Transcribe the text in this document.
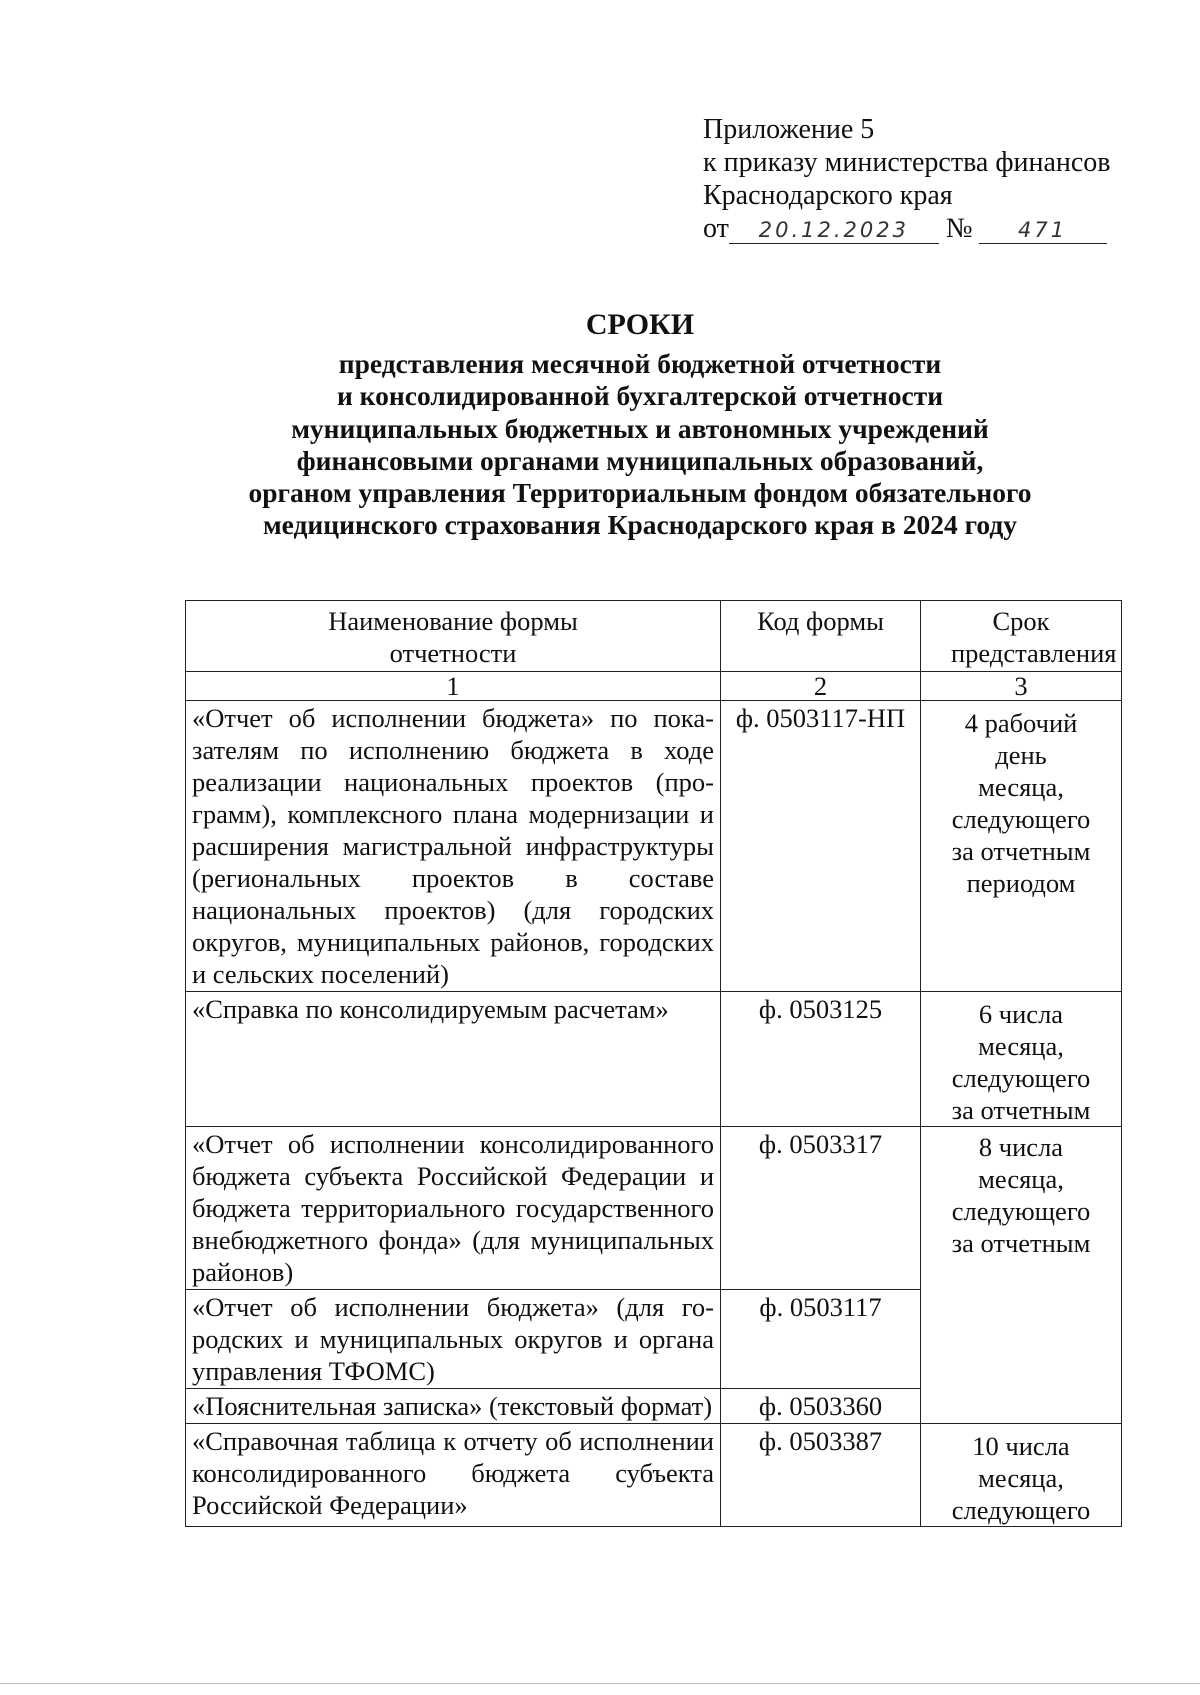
Приложение 5
к приказу министерства финансов
Краснодарского края
от 20.12.2023 № 471
СРОКИ
представления месячной бюджетной отчетности
и консолидированной бухгалтерской отчетности
муниципальных бюджетных и автономных учреждений
финансовыми органами муниципальных образований,
органом управления Территориальным фондом обязательного
медицинского страхования Краснодарского края в 2024 году
Наименование формы отчетности	Код формы	Срок представления
1	2	3
«Отчет об исполнении бюджета» по показателям по исполнению бюджета в ходе реализации национальных проектов (программ), комплексного плана модернизации и расширения магистральной инфраструктуры (региональных проектов в составе национальных проектов) (для городских округов, муниципальных районов, городских и сельских поселений)	ф. 0503117-НП	4 рабочий день месяца, следующего за отчетным периодом
«Справка по консолидируемым расчетам»	ф. 0503125	6 числа месяца, следующего за отчетным
«Отчет об исполнении консолидированного бюджета субъекта Российской Федерации и бюджета территориального государственного внебюджетного фонда» (для муниципальных районов)	ф. 0503317	8 числа месяца, следующего за отчетным
«Отчет об исполнении бюджета» (для городских и муниципальных округов и органа управления ТФОМС)	ф. 0503117	
«Пояснительная записка» (текстовый формат)	ф. 0503360	
«Справочная таблица к отчету об исполнении консолидированного бюджета субъекта Российской Федерации»	ф. 0503387	10 числа месяца, следующего
